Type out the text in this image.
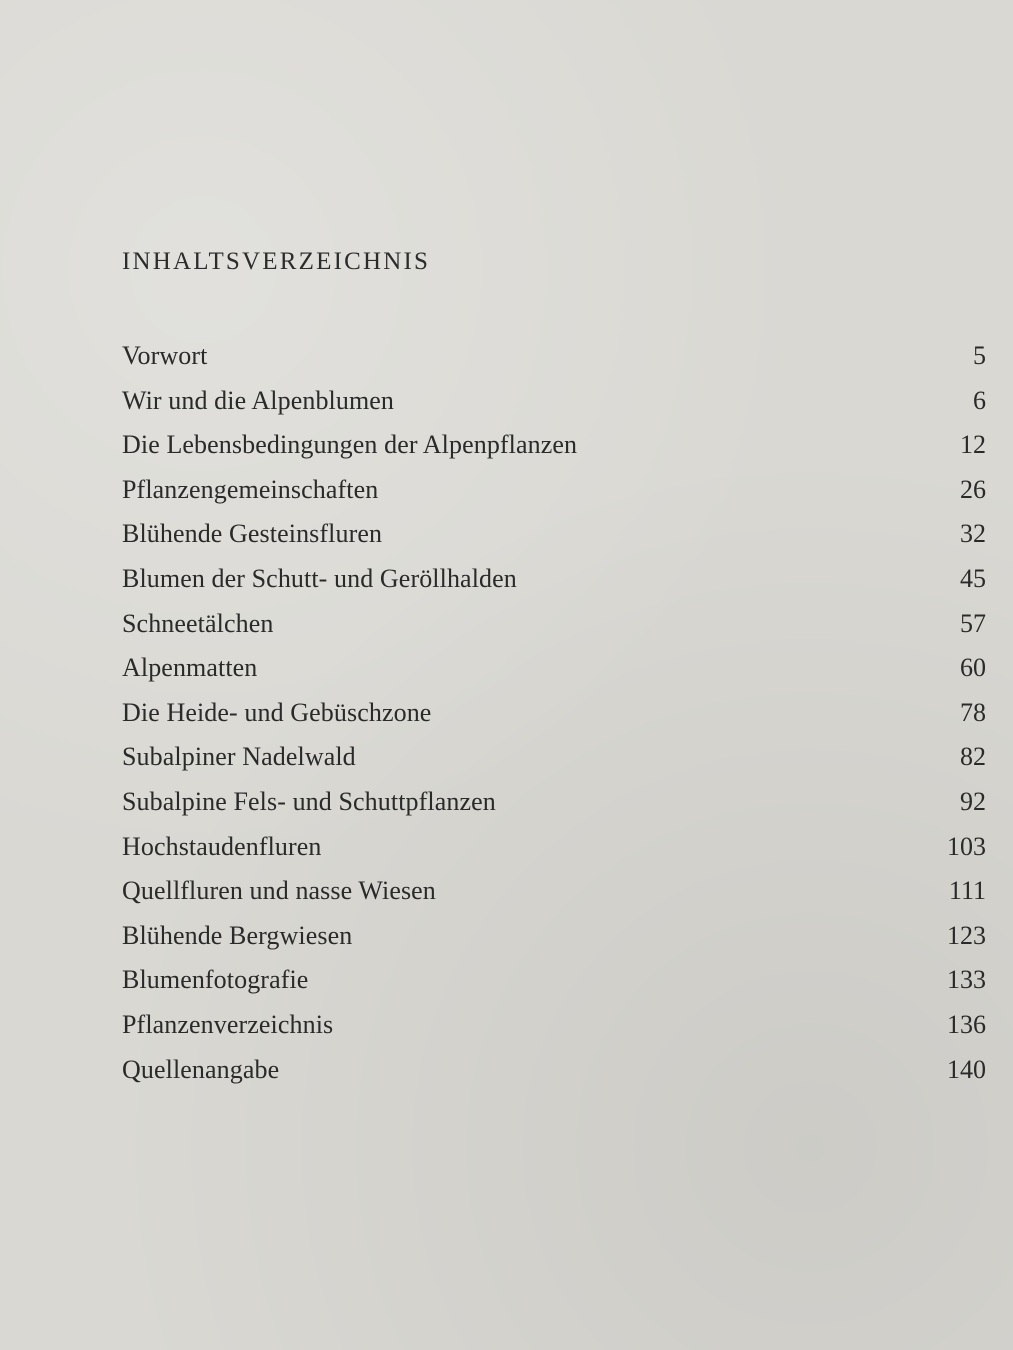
INHALTSVERZEICHNIS
Vorwort	5
Wir und die Alpenblumen	6
Die Lebensbedingungen der Alpenpflanzen	12
Pflanzengemeinschaften	26
Blühende Gesteinsfluren	32
Blumen der Schutt- und Geröllhalden	45
Schneetälchen	57
Alpenmatten	60
Die Heide- und Gebüschzone	78
Subalpiner Nadelwald	82
Subalpine Fels- und Schuttpflanzen	92
Hochstaudenfluren	103
Quellfluren und nasse Wiesen	111
Blühende Bergwiesen	123
Blumenfotografie	133
Pflanzenverzeichnis	136
Quellenangabe	140
